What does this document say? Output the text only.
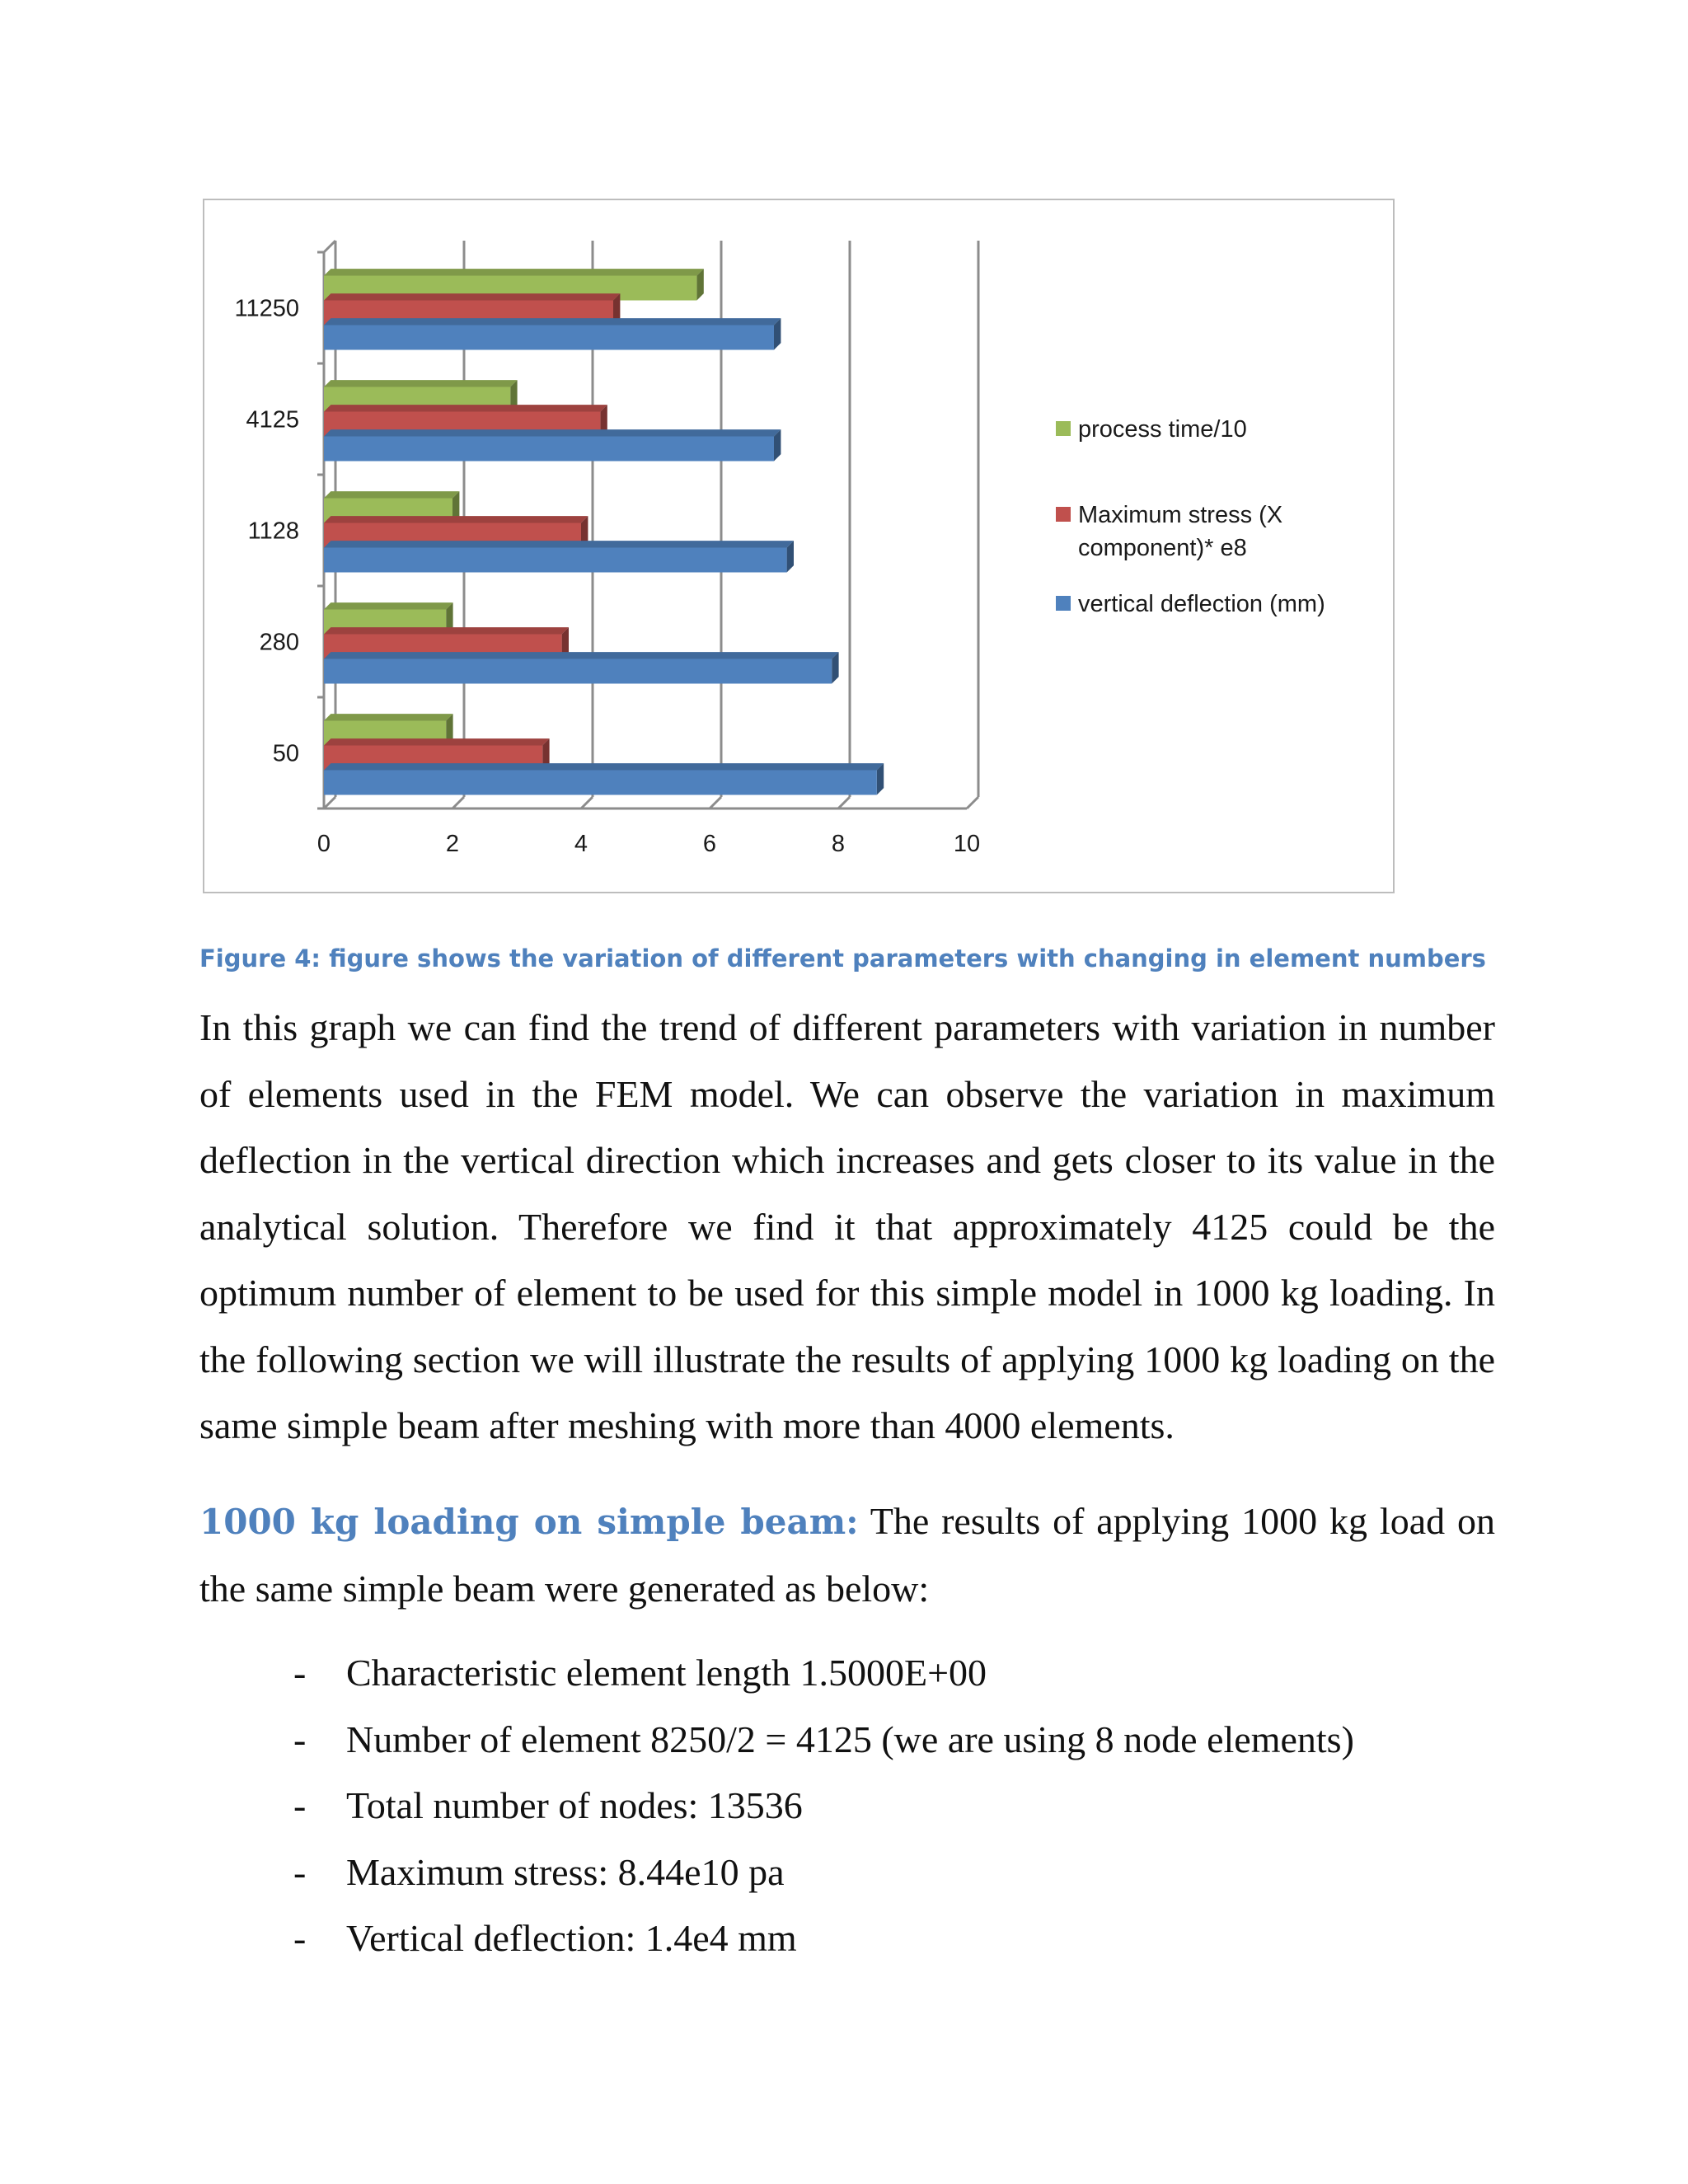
11250
4125
1128
280
50
0	2	4	6	8	10
process time/10
Maximum stress (X
component)* e8
vertical deflection (mm)

Figure 4: figure shows the variation of different parameters with changing in element numbers

In this graph we can find the trend of different parameters with variation in number of elements used in the FEM model. We can observe the variation in maximum deflection in the vertical direction which increases and gets closer to its value in the analytical solution. Therefore we find it that approximately 4125 could be the optimum number of element to be used for this simple model in 1000 kg loading. In the following section we will illustrate the results of applying 1000 kg loading on the same simple beam after meshing with more than 4000 elements.

1000 kg loading on simple beam: The results of applying 1000 kg load on the same simple beam were generated as below:

- Characteristic element length 1.5000E+00
- Number of element 8250/2 = 4125 (we are using 8 node elements)
- Total number of nodes: 13536
- Maximum stress: 8.44e10 pa
- Vertical deflection: 1.4e4 mm
